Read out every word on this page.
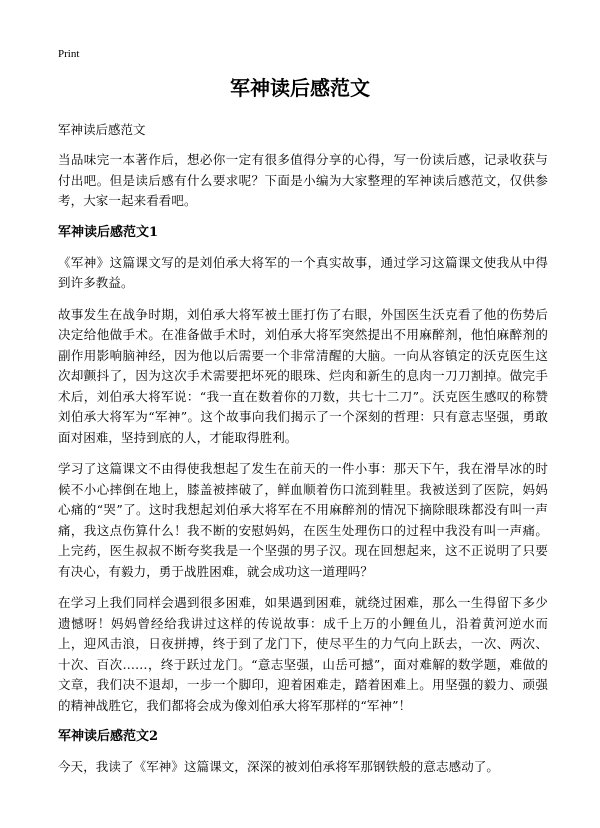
Print
军神读后感范文

军神读后感范文

当品味完一本著作后，想必你一定有很多值得分享的心得，写一份读后感，记录收获与付出吧。但是读后感有什么要求呢？下面是小编为大家整理的军神读后感范文，仅供参考，大家一起来看看吧。

军神读后感范文1

《军神》这篇课文写的是刘伯承大将军的一个真实故事，通过学习这篇课文使我从中得到许多教益。

故事发生在战争时期，刘伯承大将军被土匪打伤了右眼，外国医生沃克看了他的伤势后决定给他做手术。在准备做手术时，刘伯承大将军突然提出不用麻醉剂，他怕麻醉剂的副作用影响脑神经，因为他以后需要一个非常清醒的大脑。一向从容镇定的沃克医生这次却颤抖了，因为这次手术需要把坏死的眼珠、烂肉和新生的息肉一刀刀割掉。做完手术后，刘伯承大将军说：“我一直在数着你的刀数，共七十二刀”。沃克医生感叹的称赞刘伯承大将军为“军神”。这个故事向我们揭示了一个深刻的哲理：只有意志坚强，勇敢面对困难，坚持到底的人，才能取得胜利。

学习了这篇课文不由得使我想起了发生在前天的一件小事：那天下午，我在滑旱冰的时候不小心摔倒在地上，膝盖被摔破了，鲜血顺着伤口流到鞋里。我被送到了医院，妈妈心痛的“哭”了。这时我想起刘伯承大将军在不用麻醉剂的情况下摘除眼珠都没有叫一声痛，我这点伤算什么！我不断的安慰妈妈，在医生处理伤口的过程中我没有叫一声痛。上完药，医生叔叔不断夸奖我是一个坚强的男子汉。现在回想起来，这不正说明了只要有决心，有毅力，勇于战胜困难，就会成功这一道理吗？

在学习上我们同样会遇到很多困难，如果遇到困难，就绕过困难，那么一生得留下多少遗憾呀！妈妈曾经给我讲过这样的传说故事：成千上万的小鲤鱼儿，沿着黄河逆水而上，迎风击浪，日夜拼搏，终于到了龙门下，使尽平生的力气向上跃去，一次、两次、十次、百次……，终于跃过龙门。“意志坚强，山岳可撼”，面对难解的数学题，难做的文章，我们决不退却，一步一个脚印，迎着困难走，踏着困难上。用坚强的毅力、顽强的精神战胜它，我们都将会成为像刘伯承大将军那样的“军神”！

军神读后感范文2

今天，我读了《军神》这篇课文，深深的被刘伯承将军那钢铁般的意志感动了。
